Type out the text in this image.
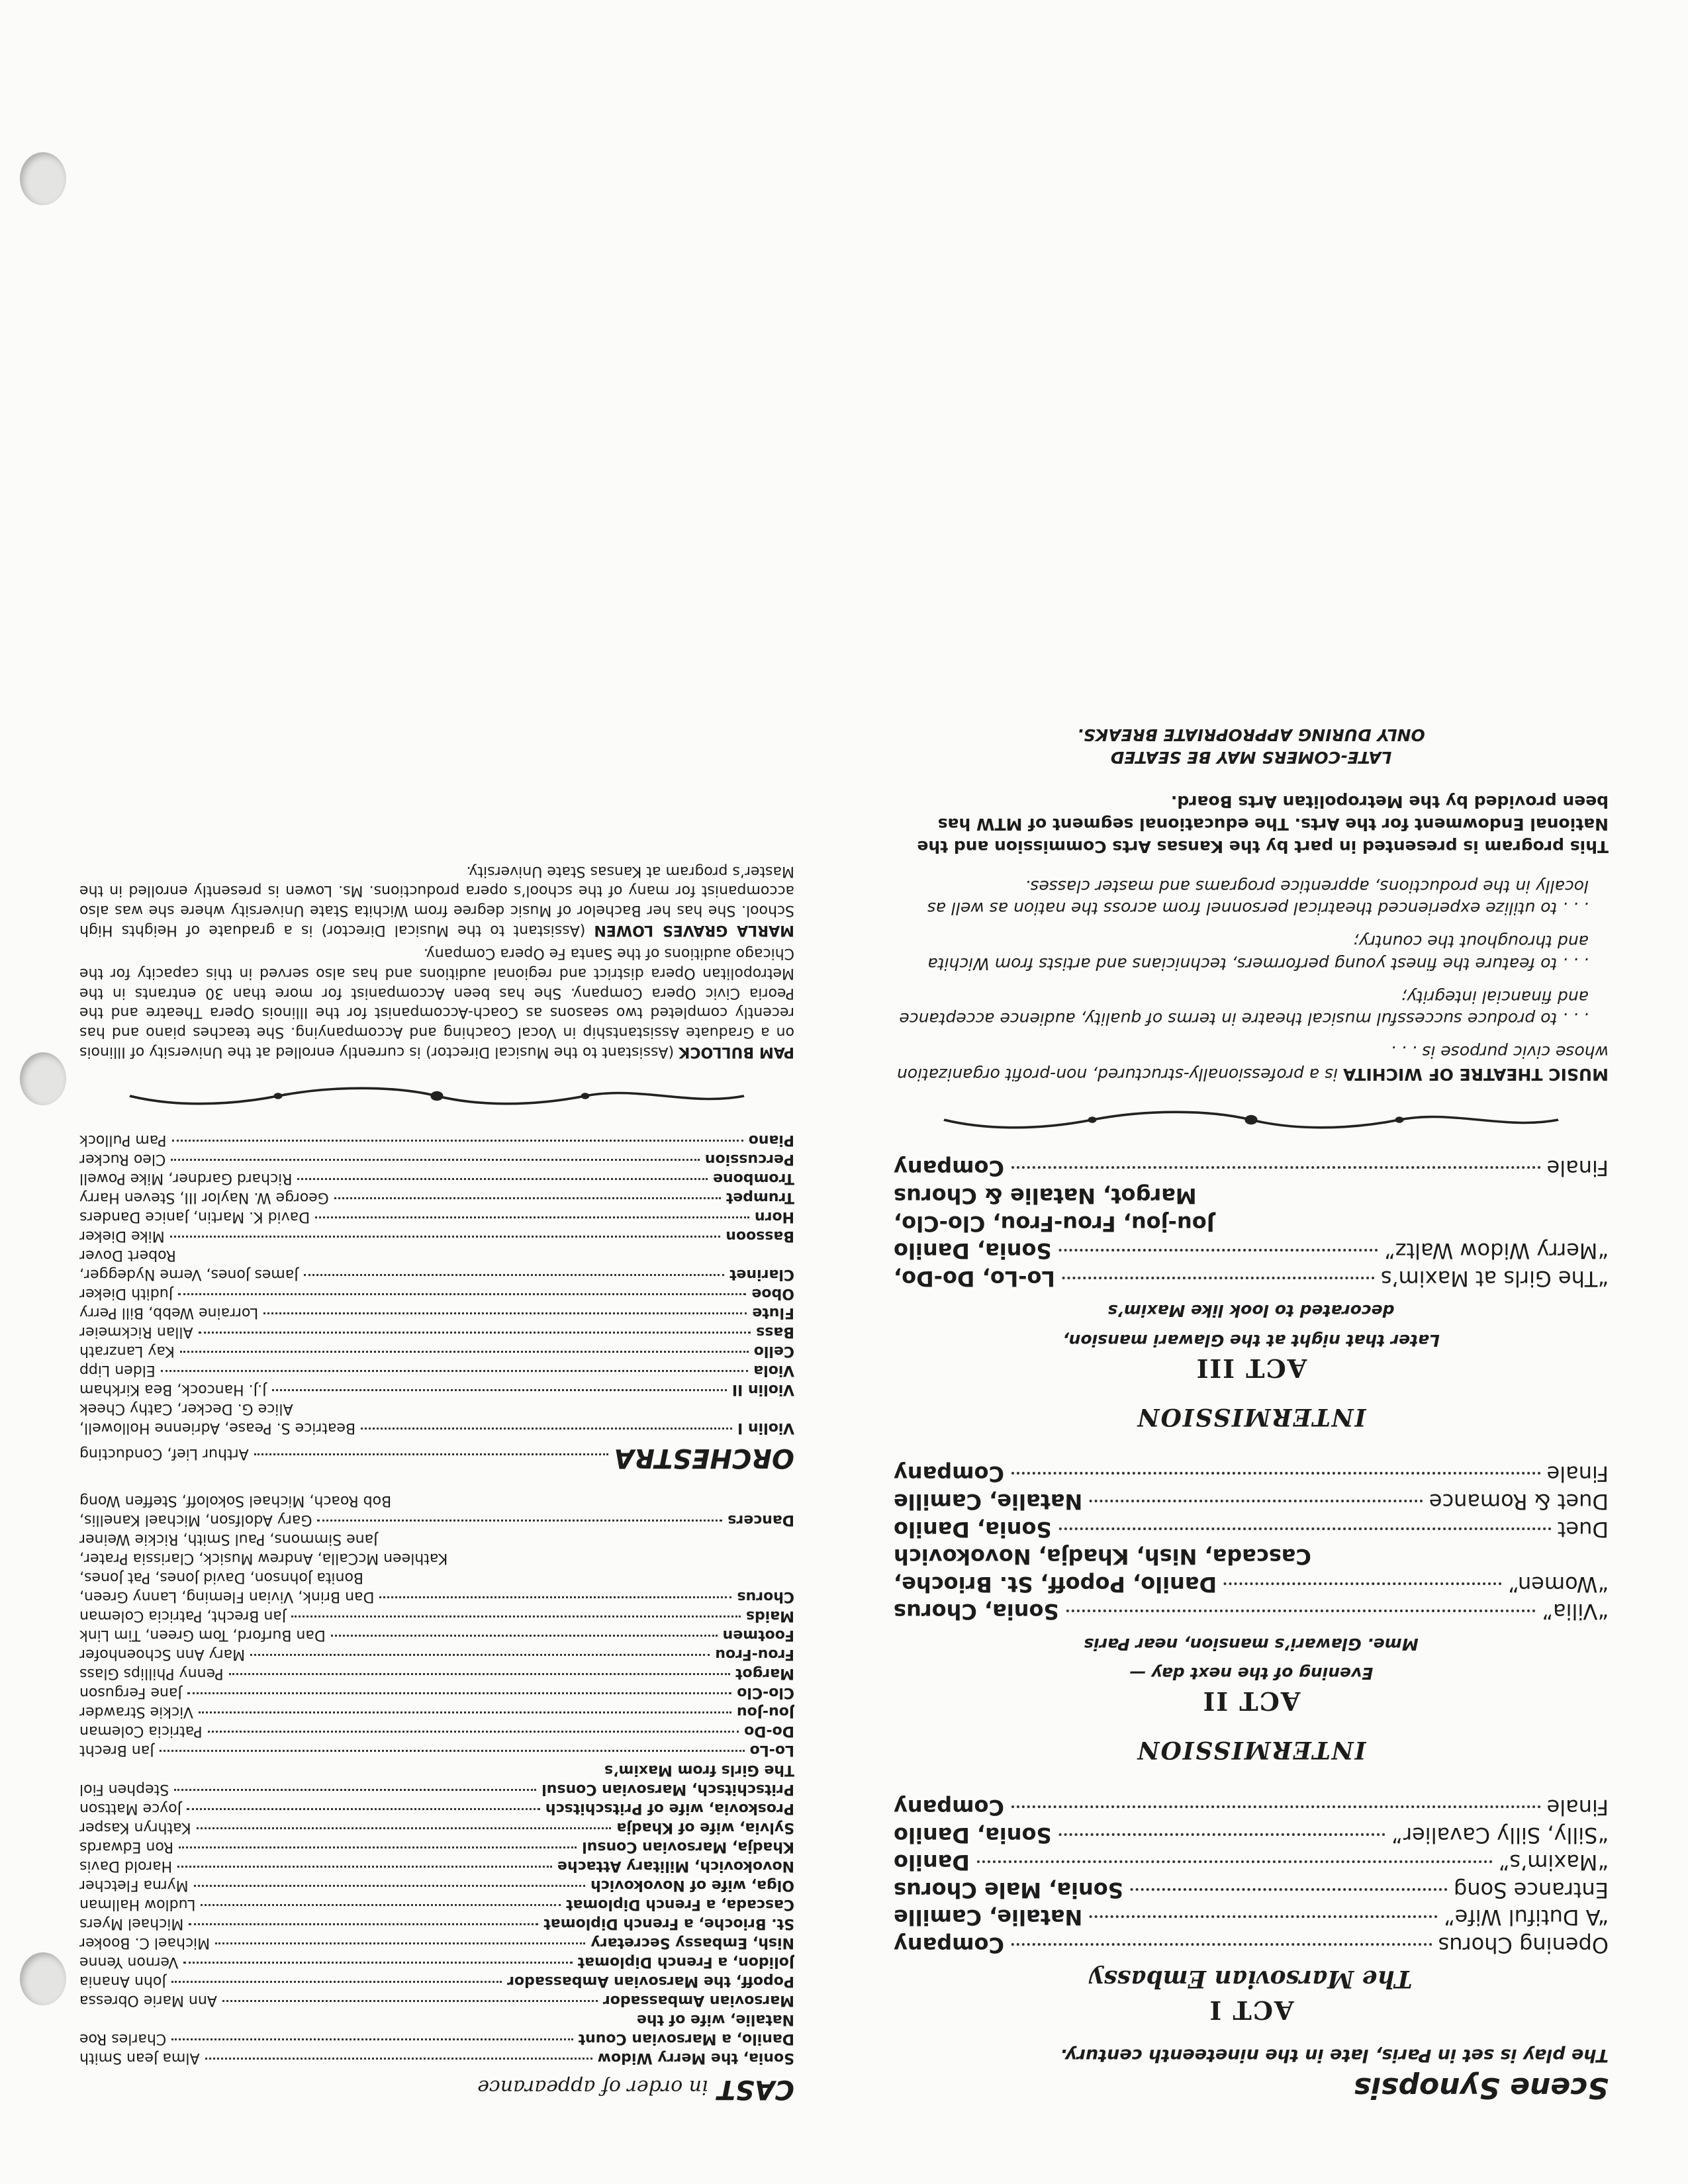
Scene Synopsis
The play is set in Paris, late in the nineteenth century.
ACT I
The Marsovian Embassy
Opening Chorus
Company
“A Dutiful Wife”
Natalie, Camille
Entrance Song
Sonia, Male Chorus
“Maxim’s”
Danilo
“Silly, Silly Cavalier”
Sonia, Danilo
Finale
Company
INTERMISSION
ACT II
Evening of the next day —
Mme. Glawari’s mansion, near Paris
“Vilia”
Sonia, Chorus
“Women”
Danilo, Popoff, St. Brioche,
Cascada, Nish, Khadja, Novokovich
Duet
Sonia, Danilo
Duet & Romance
Natalie, Camille
Finale
Company
INTERMISSION
ACT III
Later that night at the Glawari mansion,
decorated to look like Maxim’s
“The Girls at Maxim’s
Lo-Lo, Do-Do,
“Merry Widow Waltz”
Sonia, Danilo
Jou-jou, Frou-Frou, Clo-Clo,
Margot, Natalie & Chorus
Finale
Company

MUSIC THEATRE OF WICHITA is a professionally-structured, non-profit organization whose civic purpose is . . .

. . . to produce successful musical theatre in terms of quality, audience acceptance and financial integrity;

. . . to feature the finest young performers, technicians and artists from Wichita and throughout the country;

. . . to utilize experienced theatrical personnel from across the nation as well as locally in the productions, apprentice programs and master classes.

This program is presented in part by the Kansas Arts Commission and the National Endowment for the Arts. The educational segment of MTW has been provided by the Metropolitan Arts Board.

LATE-COMERS MAY BE SEATED
ONLY DURING APPROPRIATE BREAKS.
CAST in order of appearance
Sonia, the Merry Widow
Alma Jean Smith
Danilo, a Marsovian Count
Charles Roe
Natalie, wife of the
Marsovian Ambassador
Ann Marie Obressa
Popoff, the Marsovian Ambassador
John Anania
Jolidon, a French Diplomat
Vernon Yenne
Nish, Embassy Secretary
Michael C. Booker
St. Brioche, a French Diplomat
Michael Myers
Cascada, a French Diplomat
Ludlow Hallman
Olga, wife of Novokovich
Myrna Fletcher
Novokovich, Military Attache
Harold Davis
Khadja, Marsovian Consul
Ron Edwards
Sylvia, wife of Khadja
Kathryn Kasper
Proskovia, wife of Pritschitsch
Joyce Mattson
Pritschitsch, Marsovian Consul
Stephen Fiol
The Girls from Maxim’s
Lo-Lo
Jan Brecht
Do-Do
Patricia Coleman
Jou-Jou
Vickie Strawder
Clo-Clo
Jane Ferguson
Margot
Penny Phillips Glass
Frou-Frou
Mary Ann Schoenhofer
Footmen
Dan Burford, Tom Green, Tim Link
Maids
Jan Brecht, Patricia Coleman
Chorus
Dan Brink, Vivian Fleming, Lanny Green,
Bonita Johnson, David Jones, Pat Jones,
Kathleen McCalla, Andrew Musick, Clarissia Prater,
Jane Simmons, Paul Smith, Rickie Weiner
Dancers
Gary Adolfson, Michael Kanellis,
Bob Roach, Michael Sokoloff, Steffen Wong
ORCHESTRA
Arthur Lief, Conducting
Violin I
Beatrice S. Pease, Adrienne Hollowell,
Alice G. Decker, Cathy Cheek
Violin II
J.J. Hancock, Bea Kirkham
Viola
Elden Lipp
Cello
Kay Lanzrath
Bass
Allan Rickmeier
Flute
Lorraine Webb, Bill Perry
Oboe
Judith Dieker
Clarinet
James Jones, Verne Nydegger,
Robert Dover
Bassoon
Mike Dieker
Horn
David K. Martin, Janice Danders
Trumpet
George W. Naylor III, Steven Harry
Trombone
Richard Gardner, Mike Powell
Percussion
Cleo Rucker
Piano
Pam Pullock

PAM BULLOCK (Assistant to the Musical Director) is currently enrolled at the University of Illinois on a Graduate Assistantship in Vocal Coaching and Accompanying. She teaches piano and has recently completed two seasons as Coach-Accompanist for the Illinois Opera Theatre and the Peoria Civic Opera Company. She has been Accompanist for more than 30 entrants in the Metropolitan Opera district and regional auditions and has also served in this capacity for the Chicago auditions of the Santa Fe Opera Company.

MARLA GRAVES LOWEN (Assistant to the Musical Director) is a graduate of Heights High School. She has her Bachelor of Music degree from Wichita State University where she was also accompanist for many of the school’s opera productions. Ms. Lowen is presently enrolled in the Master’s program at Kansas State University.
